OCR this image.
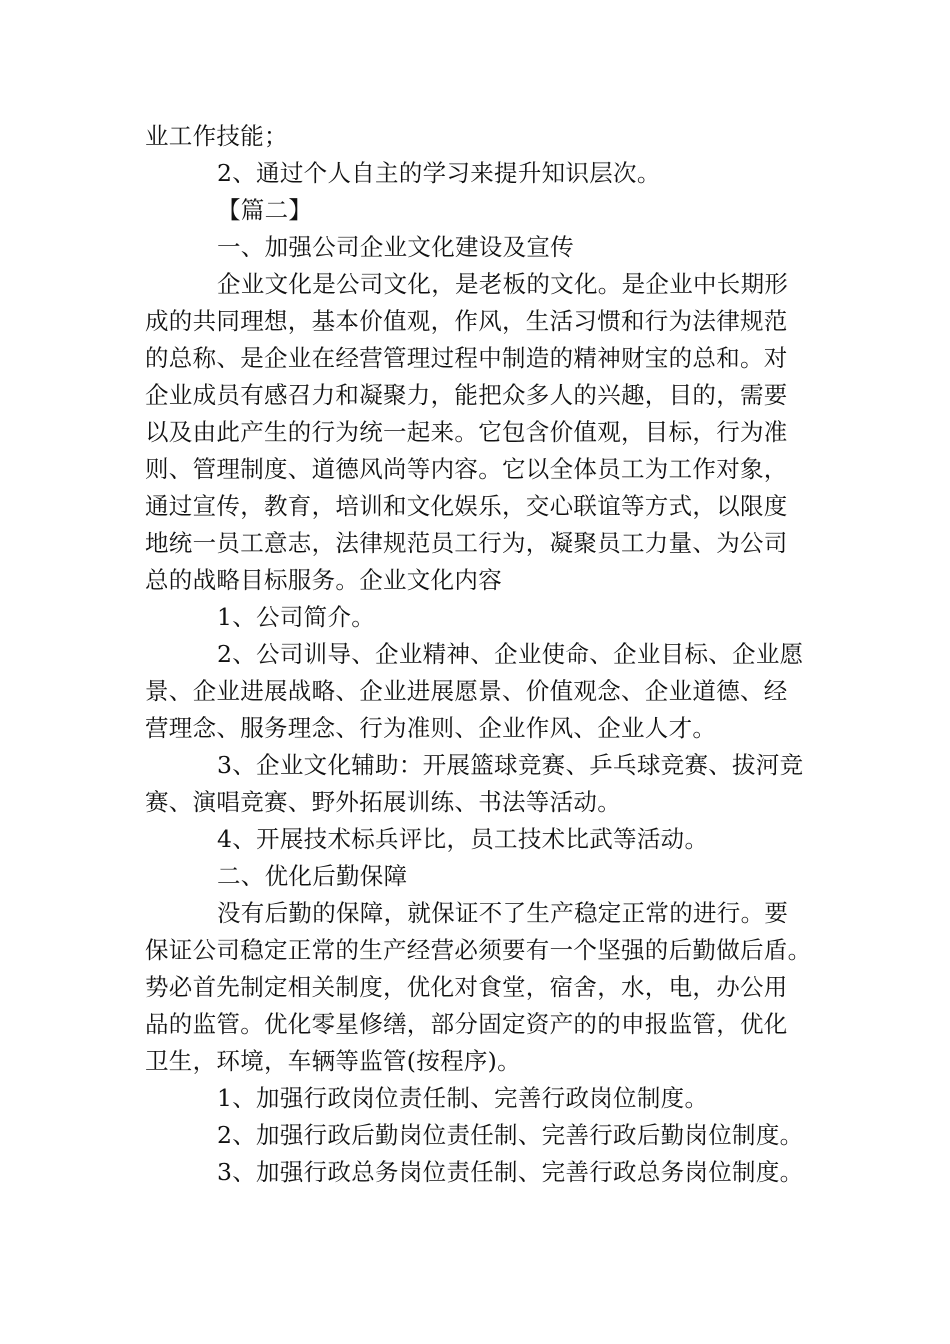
业工作技能；
2、通过个人自主的学习来提升知识层次。
【篇二】
一、加强公司企业文化建设及宣传
企业文化是公司文化，是老板的文化。是企业中长期形
成的共同理想，基本价值观，作风，生活习惯和行为法律规范
的总称、是企业在经营管理过程中制造的精神财宝的总和。对
企业成员有感召力和凝聚力，能把众多人的兴趣，目的，需要
以及由此产生的行为统一起来。它包含价值观，目标，行为准
则、管理制度、道德风尚等内容。它以全体员工为工作对象，
通过宣传，教育，培训和文化娱乐，交心联谊等方式，以限度
地统一员工意志，法律规范员工行为，凝聚员工力量、为公司
总的战略目标服务。企业文化内容
1、公司简介。
2、公司训导、企业精神、企业使命、企业目标、企业愿
景、企业进展战略、企业进展愿景、价值观念、企业道德、经
营理念、服务理念、行为准则、企业作风、企业人才。
3、企业文化辅助：开展篮球竞赛、乒乓球竞赛、拔河竞
赛、演唱竞赛、野外拓展训练、书法等活动。
4、开展技术标兵评比，员工技术比武等活动。
二、优化后勤保障
没有后勤的保障，就保证不了生产稳定正常的进行。要
保证公司稳定正常的生产经营必须要有一个坚强的后勤做后盾。
势必首先制定相关制度，优化对食堂，宿舍，水，电，办公用
品的监管。优化零星修缮，部分固定资产的的申报监管，优化
卫生，环境，车辆等监管(按程序)。
1、加强行政岗位责任制、完善行政岗位制度。
2、加强行政后勤岗位责任制、完善行政后勤岗位制度。
3、加强行政总务岗位责任制、完善行政总务岗位制度。
